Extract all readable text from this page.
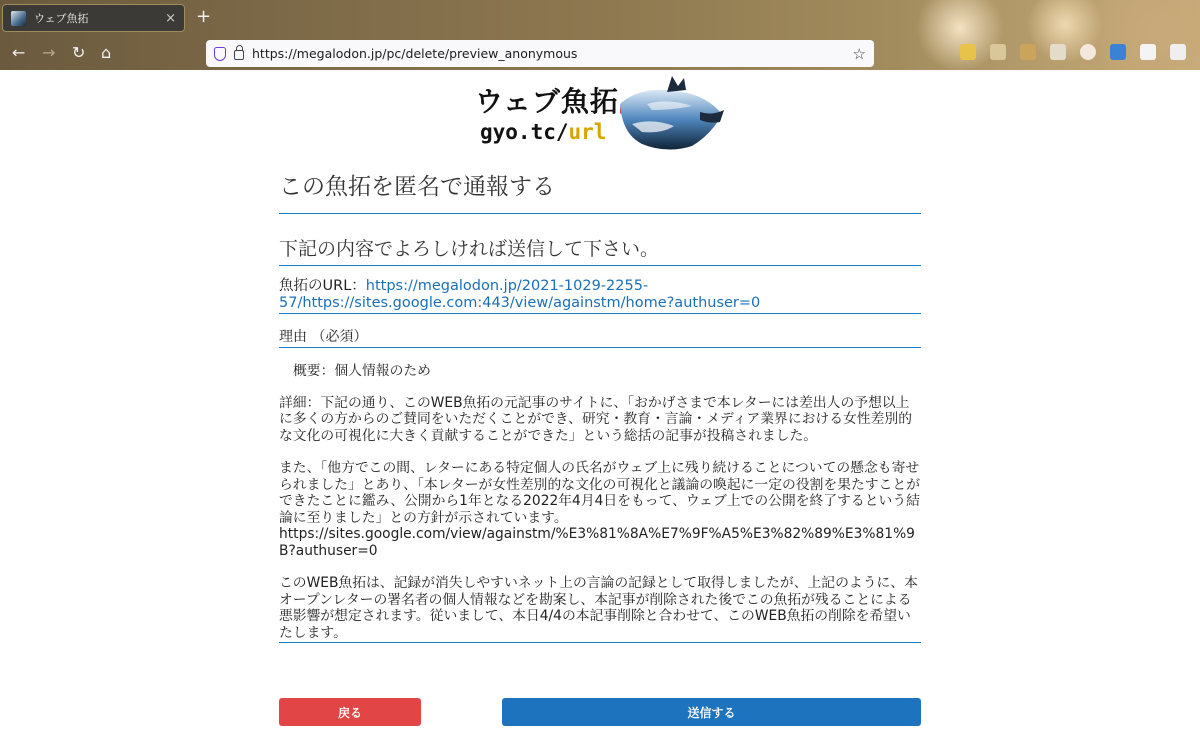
ウェブ魚拓	× +
← → ↻ ⌂	https://megalodon.jp/pc/delete/preview_anonymous	☆
ウェブ魚拓
gyo.tc/url
この魚拓を匿名で通報する
下記の内容でよろしければ送信して下さい。
魚拓のURL：https://megalodon.jp/2021-1029-2255-57/https://sites.google.com:443/view/againstm/home?authuser=0
理由 （必須）

概要：個人情報のため

詳細：下記の通り、このWEB魚拓の元記事のサイトに、「おかげさまで本レターには差出人の予想以上に多くの方からのご賛同をいただくことができ、研究・教育・言論・メディア業界における女性差別的な文化の可視化に大きく貢献することができた」という総括の記事が投稿されました。

また、「他方でこの間、レターにある特定個人の氏名がウェブ上に残り続けることについての懸念も寄せられました」とあり、「本レターが女性差別的な文化の可視化と議論の喚起に一定の役割を果たすことができたことに鑑み、公開から1年となる2022年4月4日をもって、ウェブ上での公開を終了するという結論に至りました」との方針が示されています。
https://sites.google.com/view/againstm/%E3%81%8A%E7%9F%A5%E3%82%89%E3%81%9B?authuser=0

このWEB魚拓は、記録が消失しやすいネット上の言論の記録として取得しましたが、上記のように、本オープンレターの署名者の個人情報などを勘案し、本記事が削除された後でこの魚拓が残ることによる悪影響が想定されます。従いまして、本日4/4の本記事削除と合わせて、このWEB魚拓の削除を希望いたします。

戻る	送信する
